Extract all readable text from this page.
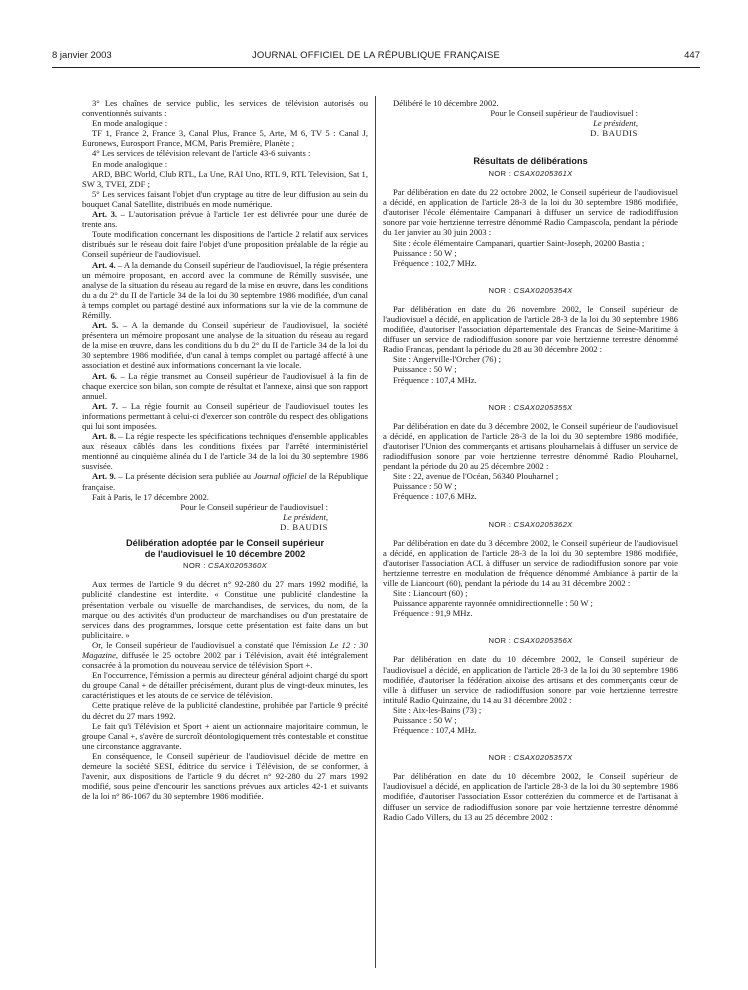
8 janvier 2003	JOURNAL OFFICIEL DE LA RÉPUBLIQUE FRANÇAISE	447

3° Les chaînes de service public, les services de télévision autorisés ou conventionnés suivants :

En mode analogique :

TF 1, France 2, France 3, Canal Plus, France 5, Arte, M 6, TV 5 : Canal J, Euronews, Eurosport France, MCM, Paris Première, Planète ;

4° Les services de télévision relevant de l'article 43-6 suivants :

En mode analogique :

ARD, BBC World, Club RTL, La Une, RAI Uno, RTL 9, RTL Television, Sat 1, SW 3, TVEI, ZDF ;

5° Les services faisant l'objet d'un cryptage au titre de leur diffusion au sein du bouquet Canal Satellite, distribués en mode numérique.

Art. 3. – L'autorisation prévue à l'article 1er est délivrée pour une durée de trente ans.

Toute modification concernant les dispositions de l'article 2 relatif aux services distribués sur le réseau doit faire l'objet d'une proposition préalable de la régie au Conseil supérieur de l'audiovisuel.

Art. 4. – A la demande du Conseil supérieur de l'audiovisuel, la régie présentera un mémoire proposant, en accord avec la commune de Rémilly susvisée, une analyse de la situation du réseau au regard de la mise en œuvre, dans les conditions du a du 2° du II de l'article 34 de la loi du 30 septembre 1986 modifiée, d'un canal à temps complet ou partagé destiné aux informations sur la vie de la commune de Rémilly.

Art. 5. – A la demande du Conseil supérieur de l'audiovisuel, la société présentera un mémoire proposant une analyse de la situation du réseau au regard de la mise en œuvre, dans les conditions du b du 2° du II de l'article 34 de la loi du 30 septembre 1986 modifiée, d'un canal à temps complet ou partagé affecté à une association et destiné aux informations concernant la vie locale.

Art. 6. – La régie transmet au Conseil supérieur de l'audiovisuel à la fin de chaque exercice son bilan, son compte de résultat et l'annexe, ainsi que son rapport annuel.

Art. 7. – La régie fournit au Conseil supérieur de l'audiovisuel toutes les informations permettant à celui-ci d'exercer son contrôle du respect des obligations qui lui sont imposées.

Art. 8. – La régie respecte les spécifications techniques d'ensemble applicables aux réseaux câblés dans les conditions fixées par l'arrêté interministériel mentionné au cinquième alinéa du I de l'article 34 de la loi du 30 septembre 1986 susvisée.

Art. 9. – La présente décision sera publiée au Journal officiel de la République française.

Fait à Paris, le 17 décembre 2002.

Pour le Conseil supérieur de l'audiovisuel :

Le président,

D. BAUDIS

Délibération adoptée par le Conseil supérieur
de l'audiovisuel le 10 décembre 2002
NOR : CSAX0205360X

Aux termes de l'article 9 du décret n° 92-280 du 27 mars 1992 modifié, la publicité clandestine est interdite. « Constitue une publicité clandestine la présentation verbale ou visuelle de marchandises, de services, du nom, de la marque ou des activités d'un producteur de marchandises ou d'un prestataire de services dans des programmes, lorsque cette présentation est faite dans un but publicitaire. »

Or, le Conseil supérieur de l'audiovisuel a constaté que l'émission Le 12 : 30 Magazine, diffusée le 25 octobre 2002 par i Télévision, avait été intégralement consacrée à la promotion du nouveau service de télévision Sport +.

En l'occurrence, l'émission a permis au directeur général adjoint chargé du sport du groupe Canal + de détailler précisément, durant plus de vingt-deux minutes, les caractéristiques et les atouts de ce service de télévision.

Cette pratique relève de la publicité clandestine, prohibée par l'article 9 précité du décret du 27 mars 1992.

Le fait qu'i Télévision et Sport + aient un actionnaire majoritaire commun, le groupe Canal +, s'avère de surcroît déontologiquement très contestable et constitue une circonstance aggravante.

En conséquence, le Conseil supérieur de l'audiovisuel décide de mettre en demeure la société SESI, éditrice du service i Télévision, de se conformer, à l'avenir, aux dispositions de l'article 9 du décret n° 92-280 du 27 mars 1992 modifié, sous peine d'encourir les sanctions prévues aux articles 42-1 et suivants de la loi n° 86-1067 du 30 septembre 1986 modifiée.

Délibéré le 10 décembre 2002.

Pour le Conseil supérieur de l'audiovisuel :

Le président,

D. BAUDIS

Résultats de délibérations
NOR : CSAX0205361X

Par délibération en date du 22 octobre 2002, le Conseil supérieur de l'audiovisuel a décidé, en application de l'article 28-3 de la loi du 30 septembre 1986 modifiée, d'autoriser l'école élémentaire Campanari à diffuser un service de radiodiffusion sonore par voie hertzienne terrestre dénommé Radio Campascola, pendant la période du 1er janvier au 30 juin 2003 :

Site : école élémentaire Campanari, quartier Saint-Joseph, 20200 Bastia ;

Puissance : 50 W ;

Fréquence : 102,7 MHz.

NOR : CSAX0205354X

Par délibération en date du 26 novembre 2002, le Conseil supérieur de l'audiovisuel a décidé, en application de l'article 28-3 de la loi du 30 septembre 1986 modifiée, d'autoriser l'association départementale des Francas de Seine-Maritime à diffuser un service de radiodiffusion sonore par voie hertzienne terrestre dénommé Radio Francas, pendant la période du 28 au 30 décembre 2002 :

Site : Angerville-l'Orcher (76) ;

Puissance : 50 W ;

Fréquence : 107,4 MHz.

NOR : CSAX0205355X

Par délibération en date du 3 décembre 2002, le Conseil supérieur de l'audiovisuel a décidé, en application de l'article 28-3 de la loi du 30 septembre 1986 modifiée, d'autoriser l'Union des commerçants et artisans plouharnelais à diffuser un service de radiodiffusion sonore par voie hertzienne terrestre dénommé Radio Plouharnel, pendant la période du 20 au 25 décembre 2002 :

Site : 22, avenue de l'Océan, 56340 Plouharnel ;

Puissance : 50 W ;

Fréquence : 107,6 MHz.

NOR : CSAX0205362X

Par délibération en date du 3 décembre 2002, le Conseil supérieur de l'audiovisuel a décidé, en application de l'article 28-3 de la loi du 30 septembre 1986 modifiée, d'autoriser l'association ACL à diffuser un service de radiodiffusion sonore par voie hertzienne terrestre en modulation de fréquence dénommé Ambiance à partir de la ville de Liancourt (60), pendant la période du 14 au 31 décembre 2002 :

Site : Liancourt (60) ;

Puissance apparente rayonnée omnidirectionnelle : 50 W ;

Fréquence : 91,9 MHz.

NOR : CSAX0205356X

Par délibération en date du 10 décembre 2002, le Conseil supérieur de l'audiovisuel a décidé, en application de l'article 28-3 de la loi du 30 septembre 1986 modifiée, d'autoriser la fédération aixoise des artisans et des commerçants cœur de ville à diffuser un service de radiodiffusion sonore par voie hertzienne terrestre intitulé Radio Quinzaine, du 14 au 31 décembre 2002 :

Site : Aix-les-Bains (73) ;

Puissance : 50 W ;

Fréquence : 107,4 MHz.

NOR : CSAX0205357X

Par délibération en date du 10 décembre 2002, le Conseil supérieur de l'audiovisuel a décidé, en application de l'article 28-3 de la loi du 30 septembre 1986 modifiée, d'autoriser l'association Essor cotterézien du commerce et de l'artisanat à diffuser un service de radiodiffusion sonore par voie hertzienne terrestre dénommé Radio Cado Villers, du 13 au 25 décembre 2002 :
